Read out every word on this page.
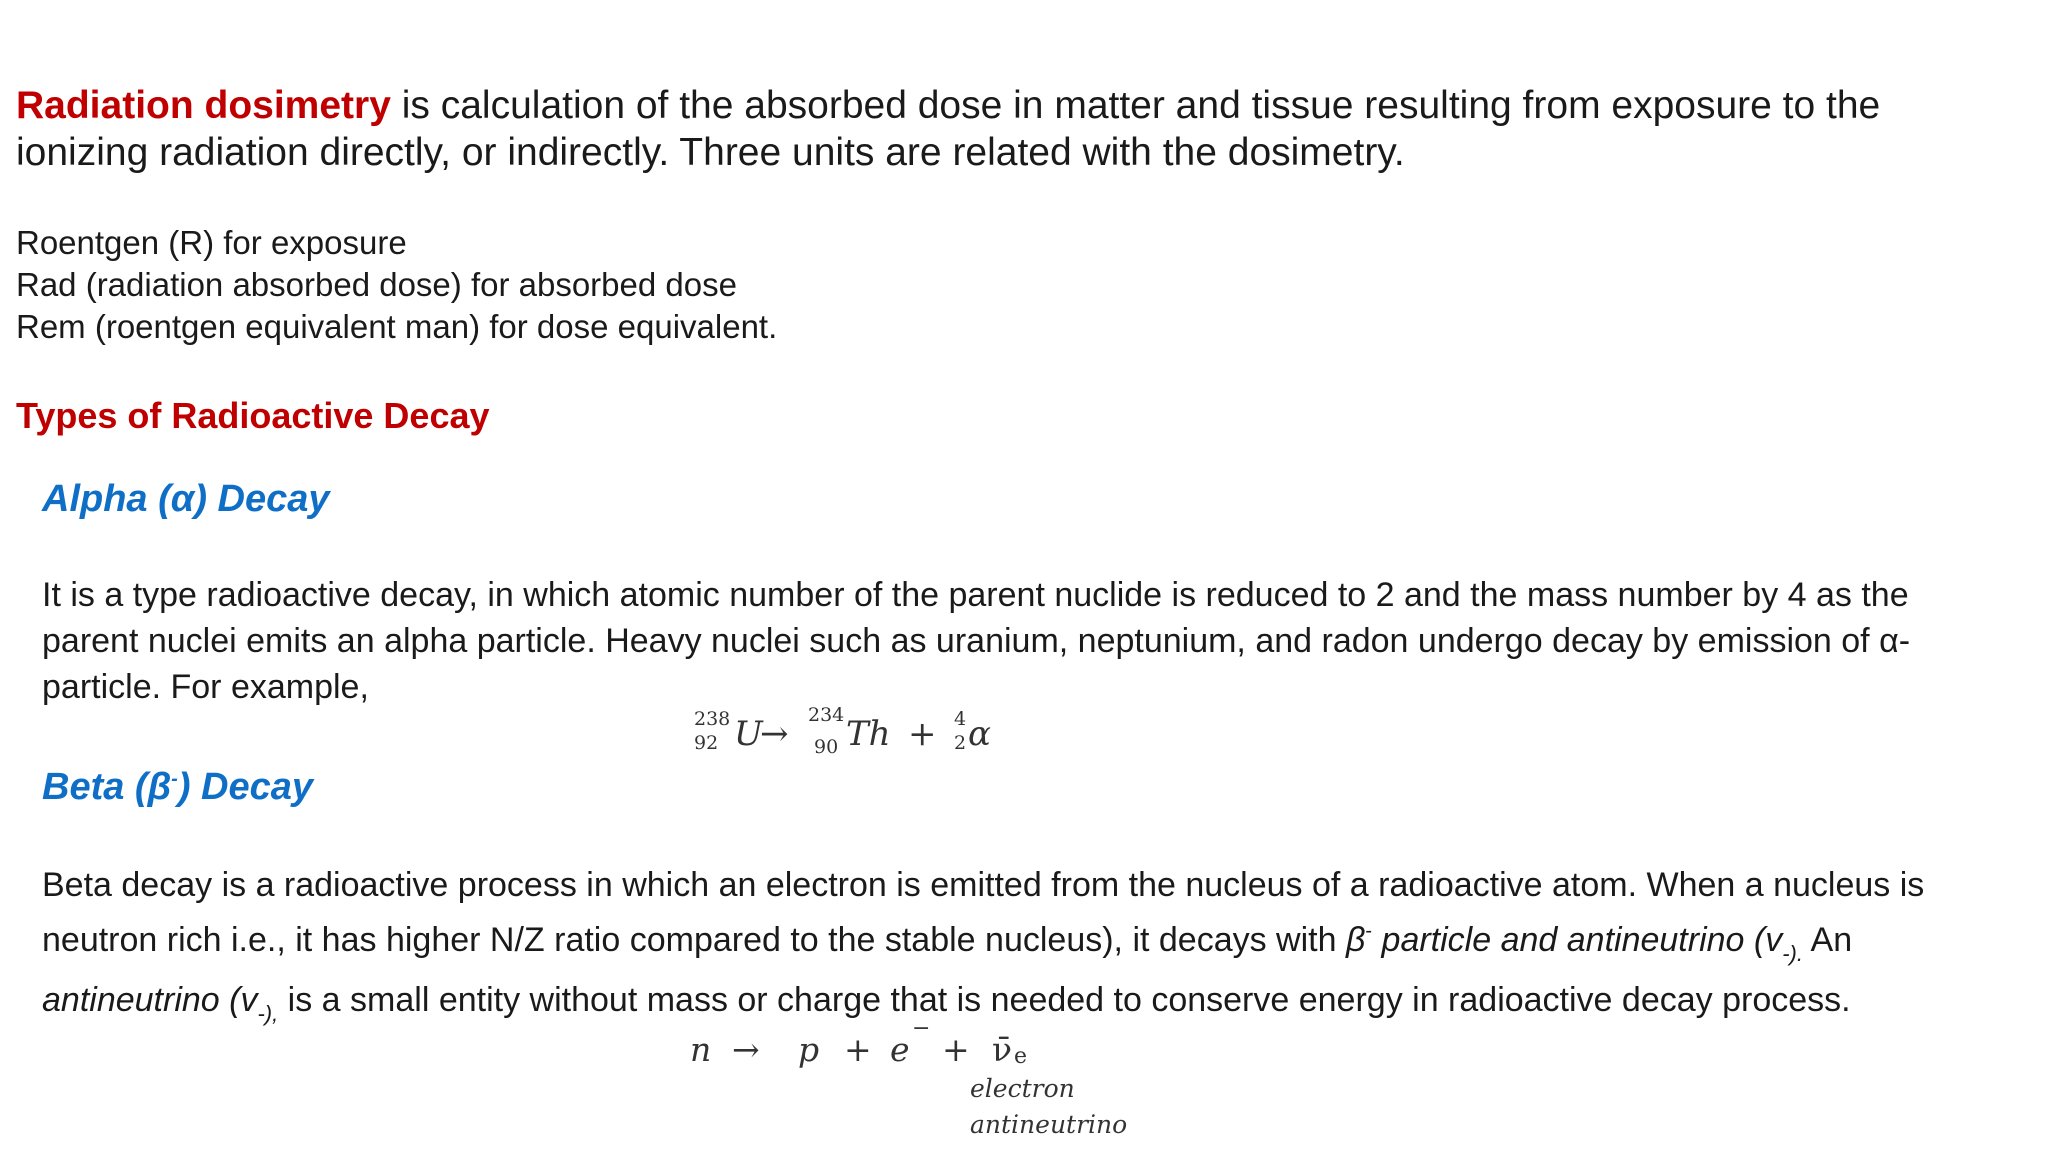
Radiation dosimetry is calculation of the absorbed dose in matter and tissue resulting from exposure to the ionizing radiation directly, or indirectly. Three units are related with the dosimetry.
Roentgen (R) for exposure
Rad (radiation absorbed dose) for absorbed dose
Rem (roentgen equivalent man) for dose equivalent.
Types of Radioactive Decay
Alpha (α) Decay
It is a type radioactive decay, in which atomic number of the parent nuclide is reduced to 2 and the mass number by 4 as the parent nuclei emits an alpha particle. Heavy nuclei such as uranium, neptunium, and radon undergo decay by emission of α-particle. For example,
238
92 U
→ 234
90 Th + 4
2 α
Beta (β-) Decay
Beta decay is a radioactive process in which an electron is emitted from the nucleus of a radioactive atom. When a nucleus is neutron rich i.e., it has higher N/Z ratio compared to the stable nucleus), it decays with β- particle and antineutrino ($v_{-).}$ An antineutrino ($v_{-),}$ is a small entity without mass or charge that is needed to conserve energy in radioactive decay process.
n → p + e
−
+ ν̄ e
electron
antineutrino
